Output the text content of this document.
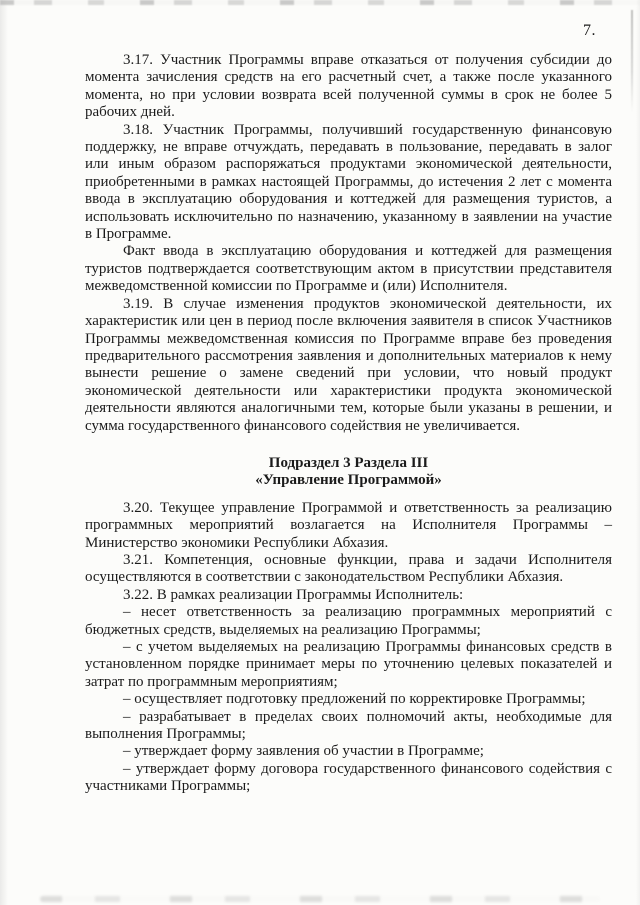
7.

3.17. Участник Программы вправе отказаться от получения субсидии до момента зачисления средств на его расчетный счет, а также после указанного момента, но при условии возврата всей полученной суммы в срок не более 5 рабочих дней.

3.18. Участник Программы, получивший государственную финансовую поддержку, не вправе отчуждать, передавать в пользование, передавать в залог или иным образом распоряжаться продуктами экономической деятельности, приобретенными в рамках настоящей Программы, до истечения 2 лет с момента ввода в эксплуатацию оборудования и коттеджей для размещения туристов, а использовать исключительно по назначению, указанному в заявлении на участие в Программе.

Факт ввода в эксплуатацию оборудования и коттеджей для размещения туристов подтверждается соответствующим актом в присутствии представителя межведомственной комиссии по Программе и (или) Исполнителя.

3.19. В случае изменения продуктов экономической деятельности, их характеристик или цен в период после включения заявителя в список Участников Программы межведомственная комиссия по Программе вправе без проведения предварительного рассмотрения заявления и дополнительных материалов к нему вынести решение о замене сведений при условии, что новый продукт экономической деятельности или характеристики продукта экономической деятельности являются аналогичными тем, которые были указаны в решении, и сумма государственного финансового содействия не увеличивается.

Подраздел 3 Раздела III
«Управление Программой»

3.20. Текущее управление Программой и ответственность за реализацию программных мероприятий возлагается на Исполнителя Программы – Министерство экономики Республики Абхазия.

3.21. Компетенция, основные функции, права и задачи Исполнителя осуществляются в соответствии с законодательством Республики Абхазия.

3.22. В рамках реализации Программы Исполнитель:

– несет ответственность за реализацию программных мероприятий с бюджетных средств, выделяемых на реализацию Программы;

– с учетом выделяемых на реализацию Программы финансовых средств в установленном порядке принимает меры по уточнению целевых показателей и затрат по программным мероприятиям;

– осуществляет подготовку предложений по корректировке Программы;

– разрабатывает в пределах своих полномочий акты, необходимые для выполнения Программы;

– утверждает форму заявления об участии в Программе;

– утверждает форму договора государственного финансового содействия с участниками Программы;
